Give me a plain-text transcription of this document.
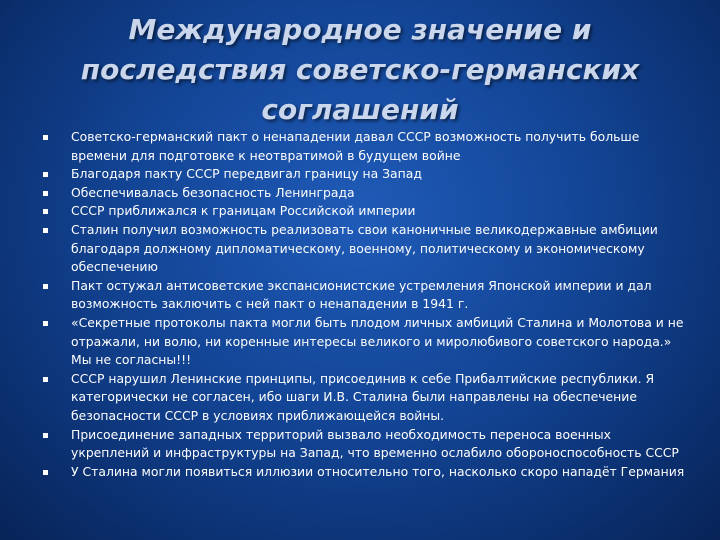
Международное значение и
последствия советско-германских
соглашений
Советско-германский пакт о ненападении давал СССР возможность получить больше времени для подготовке к неотвратимой в будущем войне
Благодаря пакту СССР передвигал границу на Запад
Обеспечивалась безопасность Ленинграда
СССР приближался к границам Российской империи
Сталин получил возможность реализовать свои каноничные великодержавные амбиции благодаря должному дипломатическому, военному, политическому и экономическому обеспечению
Пакт остужал антисоветские экспансионистские устремления Японской империи и дал возможность заключить с ней пакт о ненападении в 1941 г.
«Секретные протоколы пакта могли быть плодом личных амбиций Сталина и Молотова и не отражали, ни волю, ни коренные интересы великого и миролюбивого советского народа.» Мы не согласны!!!
СССР нарушил Ленинские принципы, присоединив к себе Прибалтийские республики. Я категорически не согласен, ибо шаги И.В. Сталина были направлены на обеспечение безопасности СССР в условиях приближающейся войны.
Присоединение западных территорий вызвало необходимость переноса военных укреплений и инфраструктуры на Запад, что временно ослабило обороноспособность СССР
У Сталина могли появиться иллюзии относительно того, насколько скоро нападёт Германия
